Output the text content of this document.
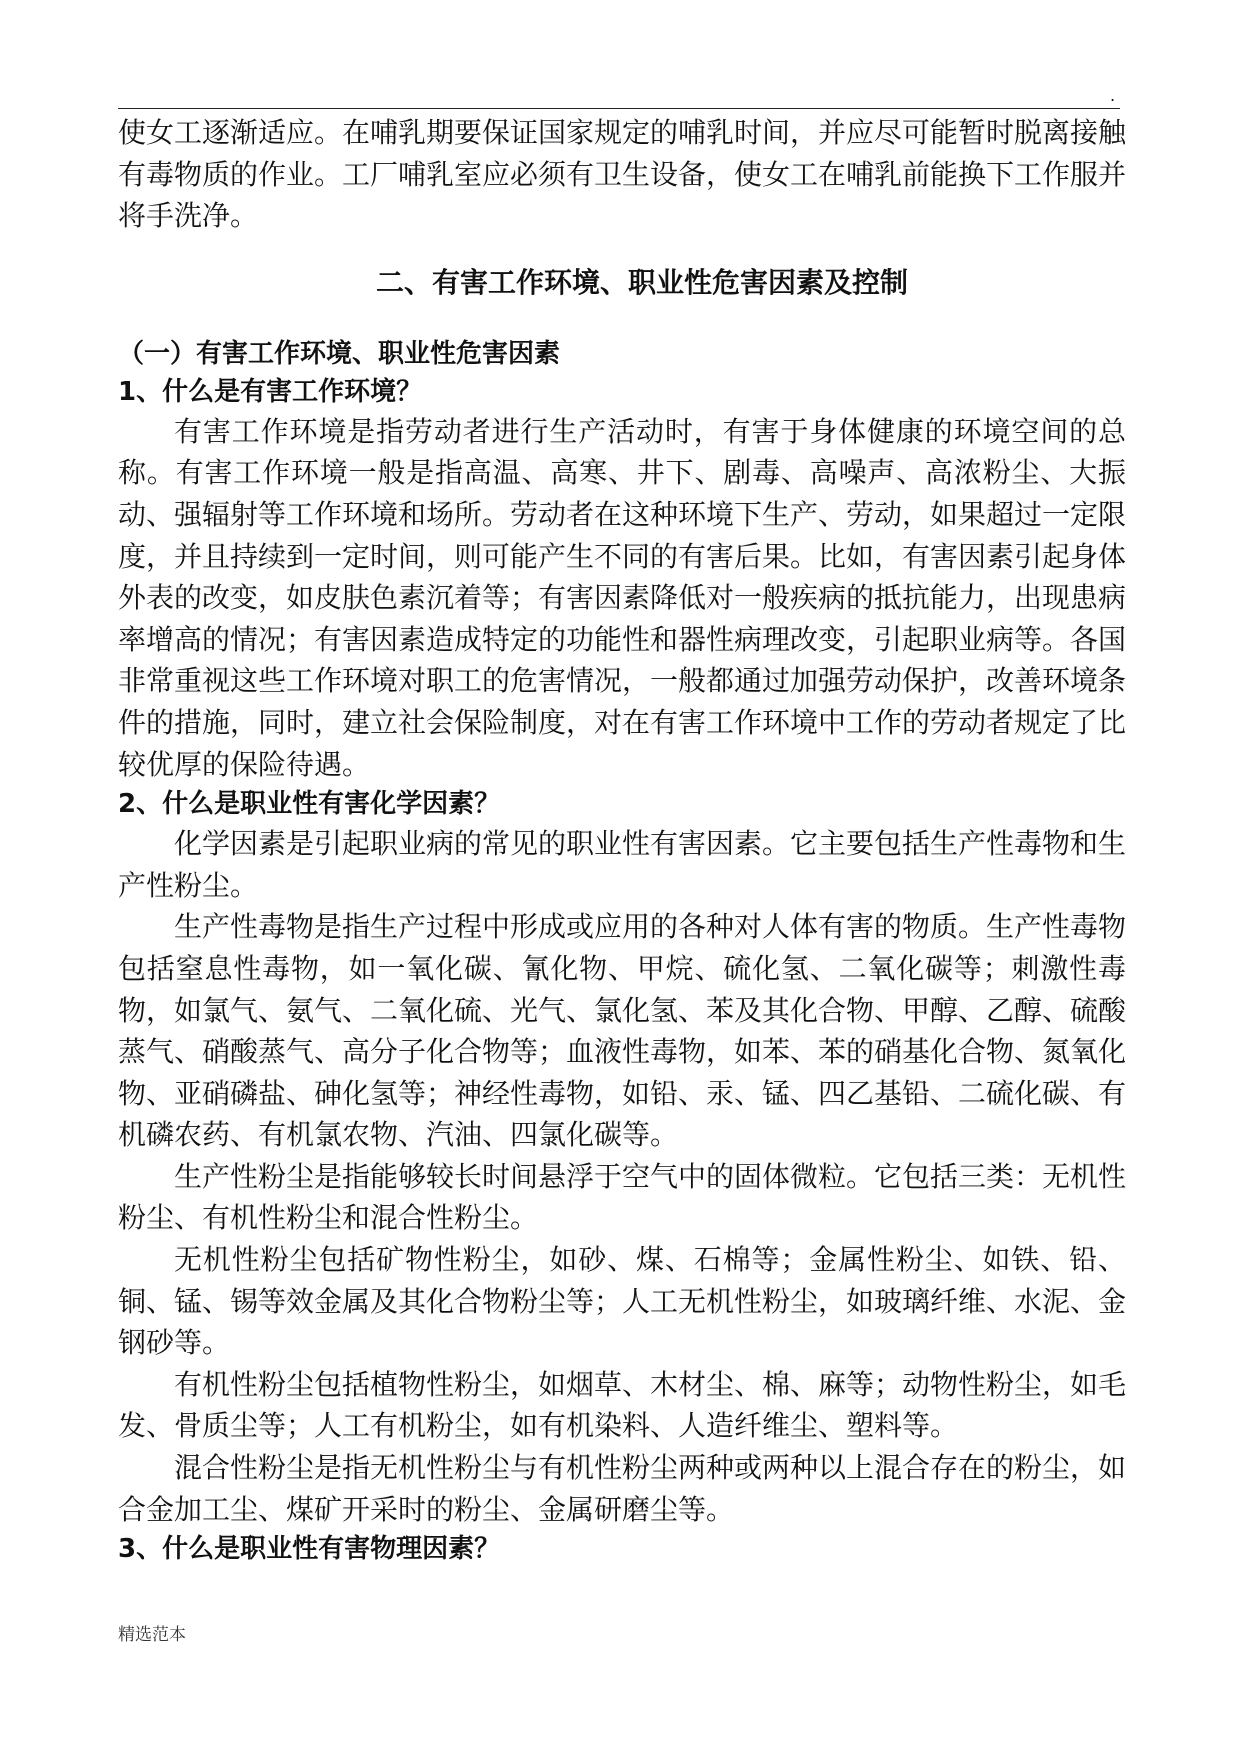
.

使女工逐渐适应。在哺乳期要保证国家规定的哺乳时间，并应尽可能暂时脱离接触有毒物质的作业。工厂哺乳室应必须有卫生设备，使女工在哺乳前能换下工作服并将手洗净。

二、有害工作环境、职业性危害因素及控制
（一）有害工作环境、职业性危害因素
1、什么是有害工作环境？

有害工作环境是指劳动者进行生产活动时，有害于身体健康的环境空间的总称。有害工作环境一般是指高温、高寒、井下、剧毒、高噪声、高浓粉尘、大振动、强辐射等工作环境和场所。劳动者在这种环境下生产、劳动，如果超过一定限度，并且持续到一定时间，则可能产生不同的有害后果。比如，有害因素引起身体外表的改变，如皮肤色素沉着等；有害因素降低对一般疾病的抵抗能力，出现患病率增高的情况；有害因素造成特定的功能性和器性病理改变，引起职业病等。各国非常重视这些工作环境对职工的危害情况，一般都通过加强劳动保护，改善环境条件的措施，同时，建立社会保险制度，对在有害工作环境中工作的劳动者规定了比较优厚的保险待遇。

2、什么是职业性有害化学因素？

化学因素是引起职业病的常见的职业性有害因素。它主要包括生产性毒物和生产性粉尘。

生产性毒物是指生产过程中形成或应用的各种对人体有害的物质。生产性毒物包括窒息性毒物，如一氧化碳、氰化物、甲烷、硫化氢、二氧化碳等；刺激性毒物，如氯气、氨气、二氧化硫、光气、氯化氢、苯及其化合物、甲醇、乙醇、硫酸蒸气、硝酸蒸气、高分子化合物等；血液性毒物，如苯、苯的硝基化合物、氮氧化物、亚硝磷盐、砷化氢等；神经性毒物，如铅、汞、锰、四乙基铅、二硫化碳、有机磷农药、有机氯农物、汽油、四氯化碳等。

生产性粉尘是指能够较长时间悬浮于空气中的固体微粒。它包括三类：无机性粉尘、有机性粉尘和混合性粉尘。

无机性粉尘包括矿物性粉尘，如砂、煤、石棉等；金属性粉尘、如铁、铅、铜、锰、锡等效金属及其化合物粉尘等；人工无机性粉尘，如玻璃纤维、水泥、金钢砂等。

有机性粉尘包括植物性粉尘，如烟草、木材尘、棉、麻等；动物性粉尘，如毛发、骨质尘等；人工有机粉尘，如有机染料、人造纤维尘、塑料等。

混合性粉尘是指无机性粉尘与有机性粉尘两种或两种以上混合存在的粉尘，如合金加工尘、煤矿开采时的粉尘、金属研磨尘等。

3、什么是职业性有害物理因素？
精选范本
